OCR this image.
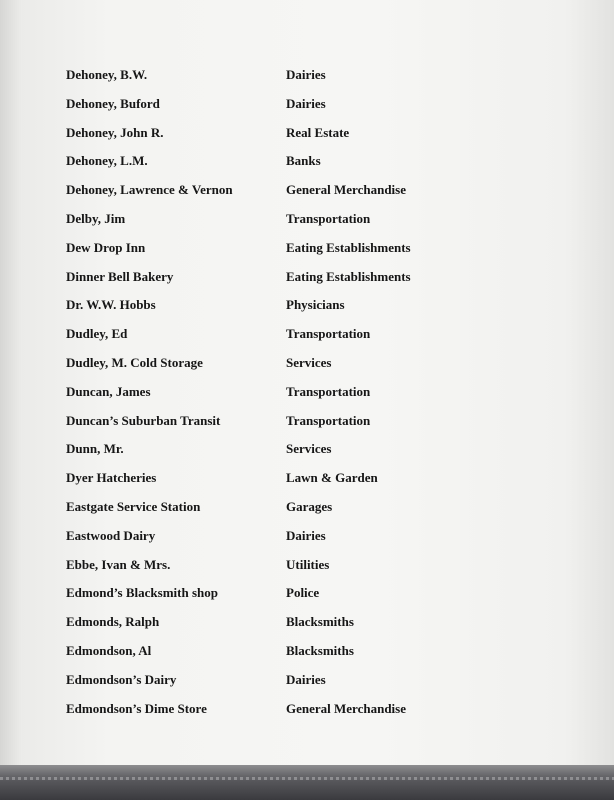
Dehoney, B.W.	Dairies
Dehoney, Buford	Dairies
Dehoney, John R.	Real Estate
Dehoney, L.M.	Banks
Dehoney, Lawrence & Vernon	General Merchandise
Delby, Jim	Transportation
Dew Drop Inn	Eating Establishments
Dinner Bell Bakery	Eating Establishments
Dr. W.W. Hobbs	Physicians
Dudley, Ed	Transportation
Dudley, M. Cold Storage	Services
Duncan, James	Transportation
Duncan’s Suburban Transit	Transportation
Dunn, Mr.	Services
Dyer Hatcheries	Lawn & Garden
Eastgate Service Station	Garages
Eastwood Dairy	Dairies
Ebbe, Ivan & Mrs.	Utilities
Edmond’s Blacksmith shop	Police
Edmonds, Ralph	Blacksmiths
Edmondson, Al	Blacksmiths
Edmondson’s Dairy	Dairies
Edmondson’s Dime Store	General Merchandise
